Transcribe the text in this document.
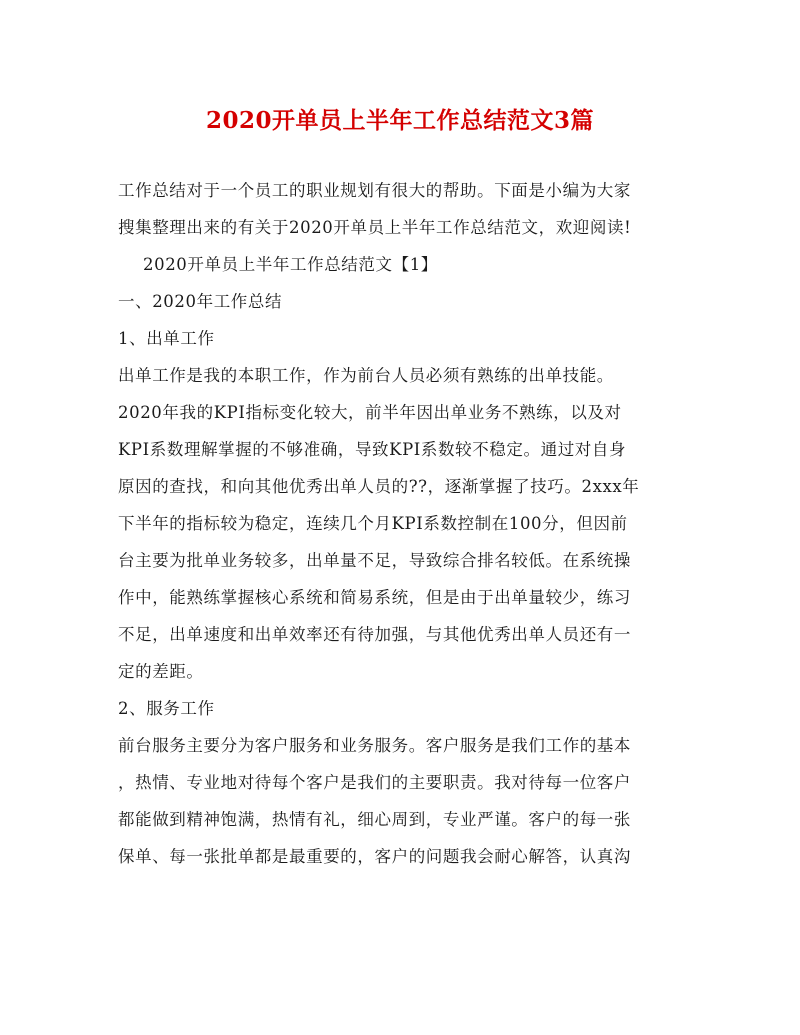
2020开单员上半年工作总结范文3篇
工作总结对于一个员工的职业规划有很大的帮助。下面是小编为大家
搜集整理出来的有关于2020开单员上半年工作总结范文，欢迎阅读!
2020开单员上半年工作总结范文【1】
一、2020年工作总结
1、出单工作
出单工作是我的本职工作，作为前台人员必须有熟练的出单技能。
2020年我的KPI指标变化较大，前半年因出单业务不熟练，以及对
KPI系数理解掌握的不够准确，导致KPI系数较不稳定。通过对自身
原因的查找，和向其他优秀出单人员的??，逐渐掌握了技巧。2xxx年
下半年的指标较为稳定，连续几个月KPI系数控制在100分，但因前
台主要为批单业务较多，出单量不足，导致综合排名较低。在系统操
作中，能熟练掌握核心系统和简易系统，但是由于出单量较少，练习
不足，出单速度和出单效率还有待加强，与其他优秀出单人员还有一
定的差距。
2、服务工作
前台服务主要分为客户服务和业务服务。客户服务是我们工作的基本
，热情、专业地对待每个客户是我们的主要职责。我对待每一位客户
都能做到精神饱满，热情有礼，细心周到，专业严谨。客户的每一张
保单、每一张批单都是最重要的，客户的问题我会耐心解答，认真沟
